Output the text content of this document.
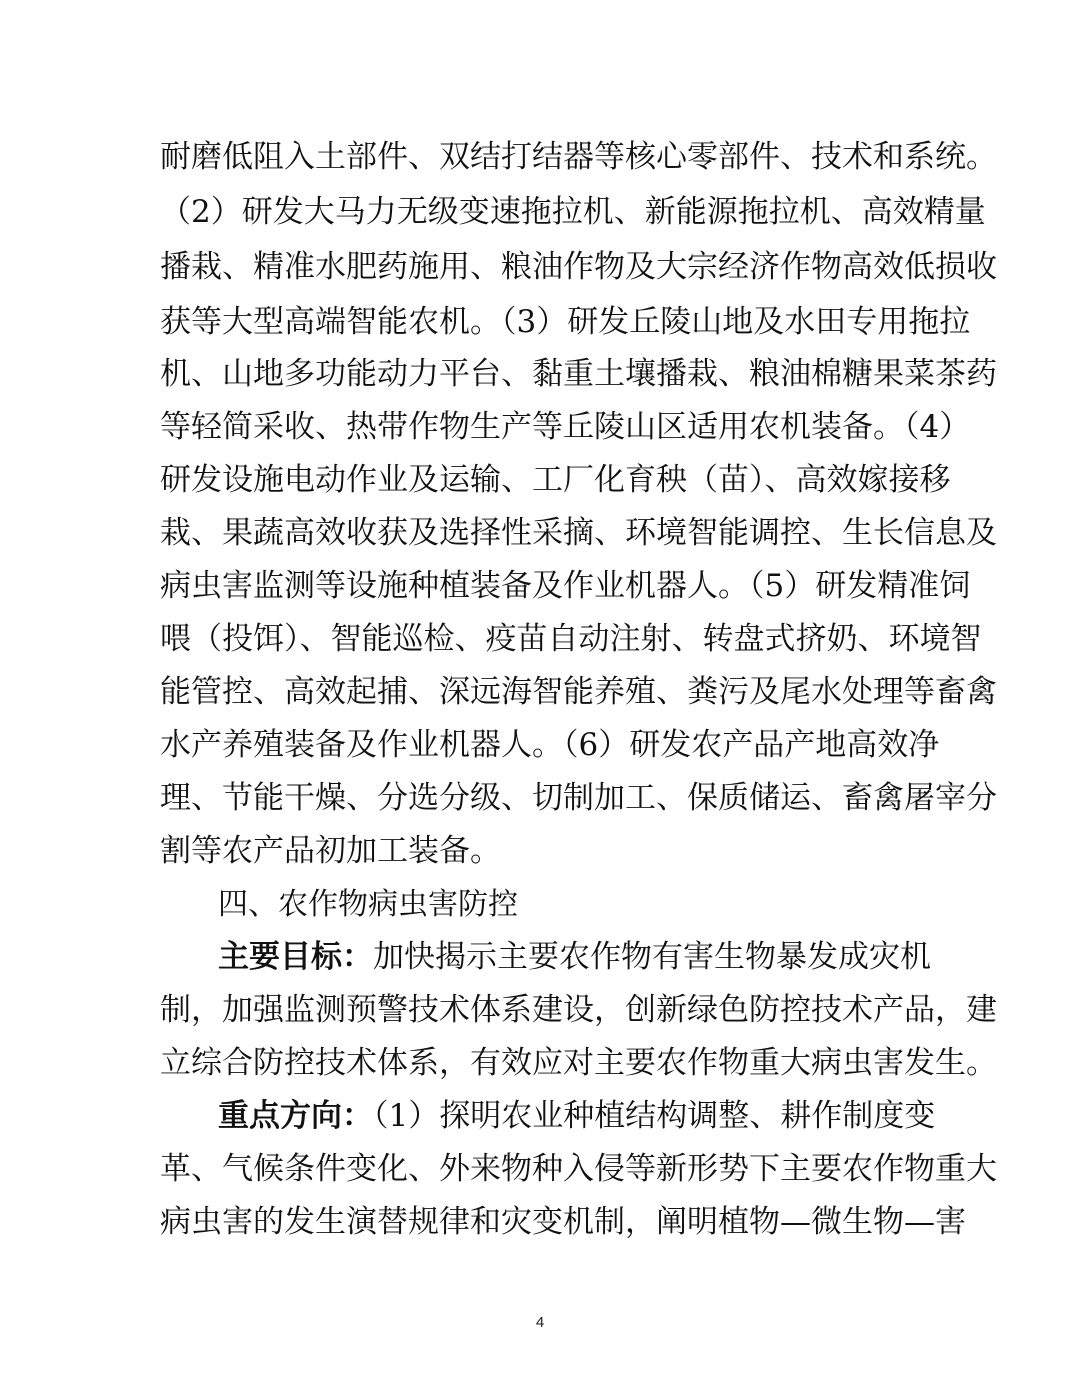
耐磨低阻入土部件、双结打结器等核心零部件、技术和系统。
（2）研发大马力无级变速拖拉机、新能源拖拉机、高效精量
播栽、精准水肥药施用、粮油作物及大宗经济作物高效低损收
获等大型高端智能农机。（3）研发丘陵山地及水田专用拖拉
机、山地多功能动力平台、黏重土壤播栽、粮油棉糖果菜茶药
等轻简采收、热带作物生产等丘陵山区适用农机装备。（4）
研发设施电动作业及运输、工厂化育秧（苗）、高效嫁接移
栽、果蔬高效收获及选择性采摘、环境智能调控、生长信息及
病虫害监测等设施种植装备及作业机器人。（5）研发精准饲
喂（投饵）、智能巡检、疫苗自动注射、转盘式挤奶、环境智
能管控、高效起捕、深远海智能养殖、粪污及尾水处理等畜禽
水产养殖装备及作业机器人。（6）研发农产品产地高效净
理、节能干燥、分选分级、切制加工、保质储运、畜禽屠宰分
割等农产品初加工装备。
四、农作物病虫害防控
主要目标：加快揭示主要农作物有害生物暴发成灾机
制，加强监测预警技术体系建设，创新绿色防控技术产品，建
立综合防控技术体系，有效应对主要农作物重大病虫害发生。
重点方向：（1）探明农业种植结构调整、耕作制度变
革、气候条件变化、外来物种入侵等新形势下主要农作物重大
病虫害的发生演替规律和灾变机制，阐明植物—微生物—害
4
